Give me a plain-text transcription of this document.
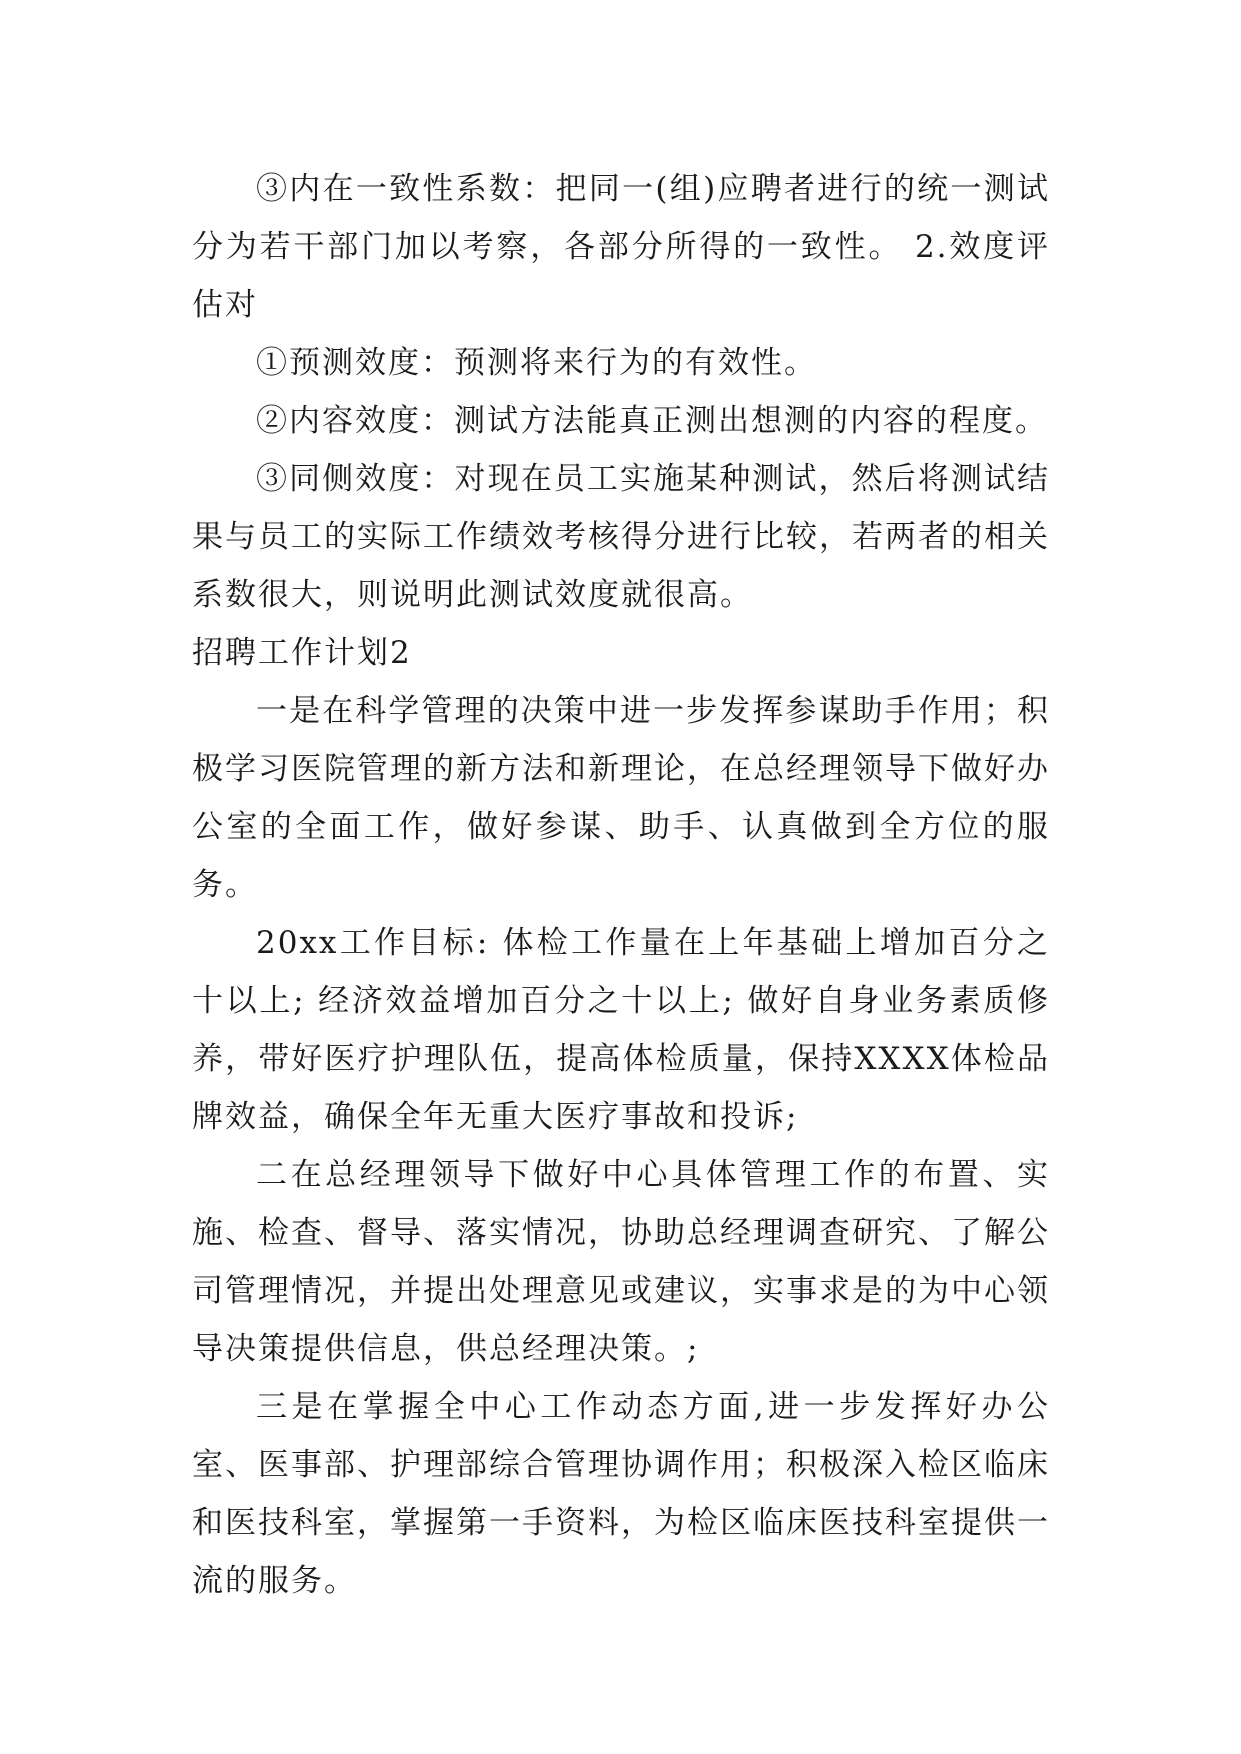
③内在一致性系数：把同一(组)应聘者进行的统一测试分为若干部门加以考察，各部分所得的一致性。 2.效度评估对

①预测效度：预测将来行为的有效性。

②内容效度：测试方法能真正测出想测的内容的程度。

③同侧效度：对现在员工实施某种测试，然后将测试结果与员工的实际工作绩效考核得分进行比较，若两者的相关系数很大，则说明此测试效度就很高。

招聘工作计划2

一是在科学管理的决策中进一步发挥参谋助手作用；积极学习医院管理的新方法和新理论，在总经理领导下做好办公室的全面工作，做好参谋、助手、认真做到全方位的服务。

20xx工作目标: 体检工作量在上年基础上增加百分之十以上; 经济效益增加百分之十以上; 做好自身业务素质修养，带好医疗护理队伍，提高体检质量，保持XXXX体检品牌效益，确保全年无重大医疗事故和投诉;

二在总经理领导下做好中心具体管理工作的布置、实施、检查、督导、落实情况，协助总经理调查研究、了解公司管理情况，并提出处理意见或建议，实事求是的为中心领导决策提供信息，供总经理决策。;

三是在掌握全中心工作动态方面,进一步发挥好办公室、医事部、护理部综合管理协调作用；积极深入检区临床和医技科室，掌握第一手资料，为检区临床医技科室提供一流的服务。
